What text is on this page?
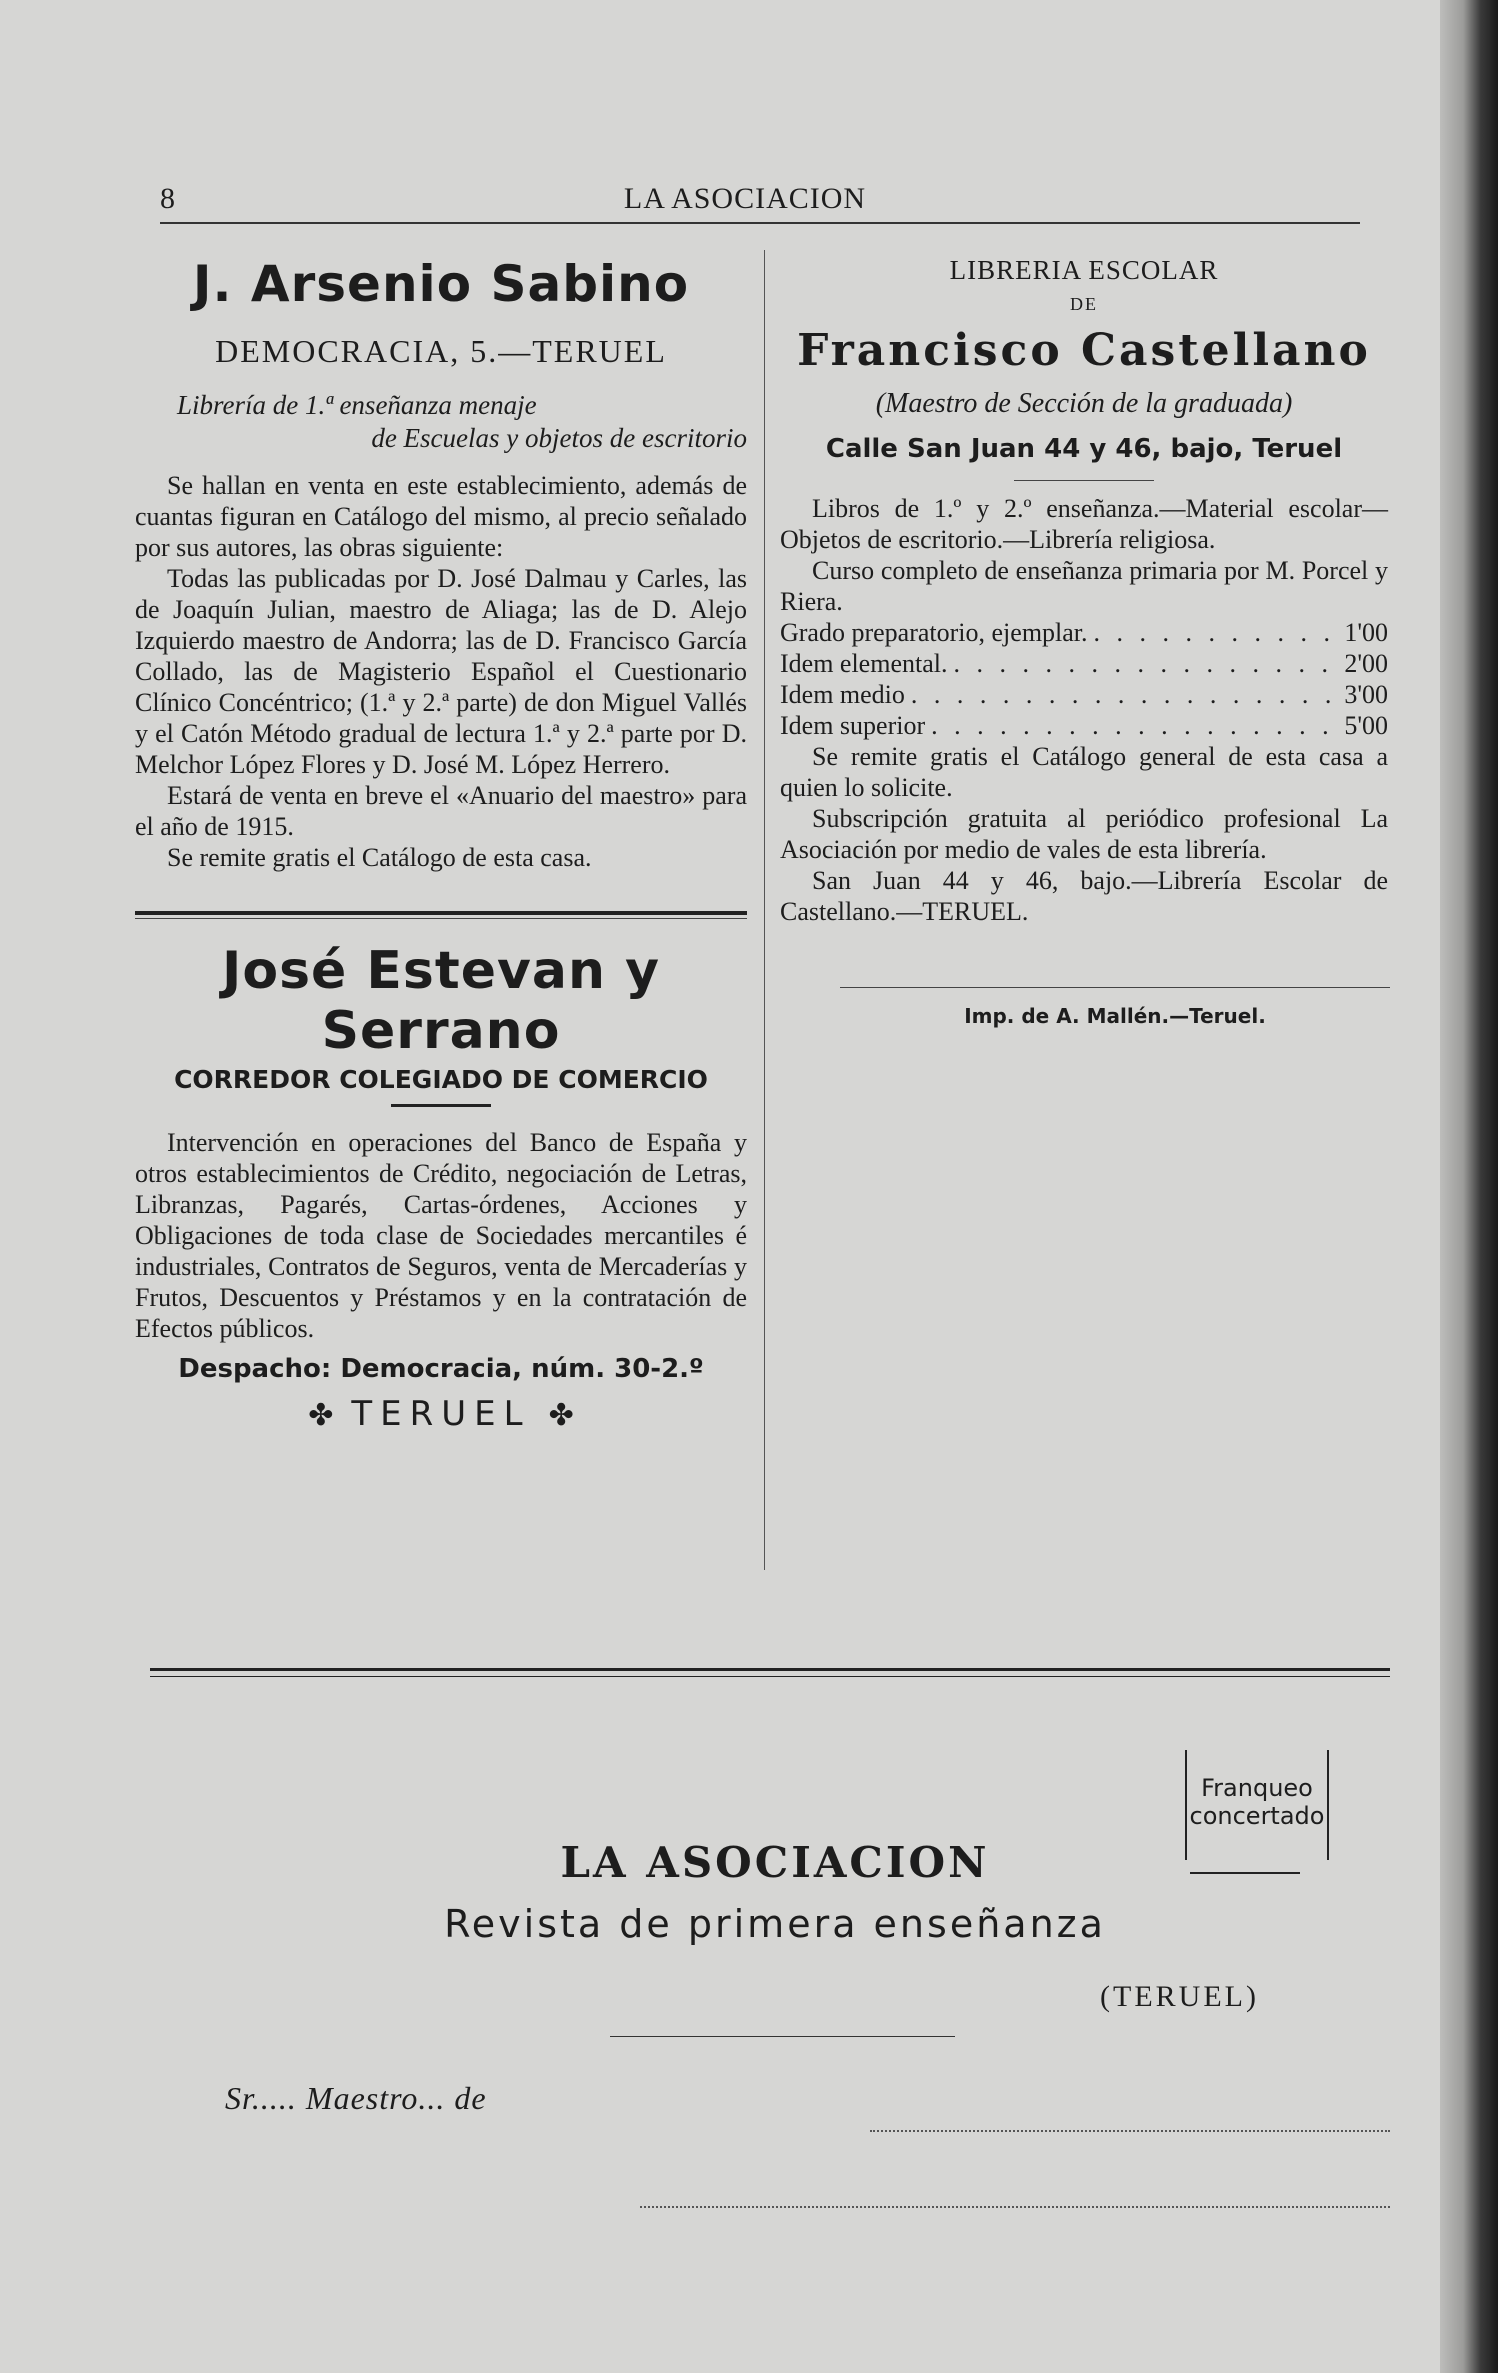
8	LA ASOCIACION
J. Arsenio Sabino
DEMOCRACIA, 5.—TERUEL
Librería de 1.ª enseñanza menaje
de Escuelas y objetos de escritorio

Se hallan en venta en este establecimiento, además de cuantas figuran en Catálogo del mismo, al precio señalado por sus autores, las obras siguiente:

Todas las publicadas por D. José Dalmau y Carles, las de Joaquín Julian, maestro de Aliaga; las de D. Alejo Izquierdo maestro de Andorra; las de D. Francisco García Collado, las de Magisterio Español el Cuestionario Clínico Concéntrico; (1.ª y 2.ª parte) de don Miguel Vallés y el Catón Método gradual de lectura 1.ª y 2.ª parte por D. Melchor López Flores y D. José M. López Herrero.

Estará de venta en breve el «Anuario del maestro» para el año de 1915.

Se remite gratis el Catálogo de esta casa.

José Estevan y Serrano
CORREDOR COLEGIADO DE COMERCIO

Intervención en operaciones del Banco de España y otros establecimientos de Crédito, negociación de Letras, Libranzas, Pagarés, Cartas-órdenes, Acciones y Obligaciones de toda clase de Sociedades mercantiles é industriales, Contratos de Seguros, venta de Mercaderías y Frutos, Descuentos y Préstamos y en la contratación de Efectos públicos.

Despacho: Democracia, núm. 30-2.º
✤ TERUEL ✤
LIBRERIA ESCOLAR
DE
Francisco Castellano
(Maestro de Sección de la graduada)
Calle San Juan 44 y 46, bajo, Teruel

Libros de 1.º y 2.º enseñanza.—Material escolar—Objetos de escritorio.—Librería religiosa.

Curso completo de enseñanza primaria por M. Porcel y Riera.

Grado preparatorio, ejemplar. . . .	1'00
Idem elemental. . . .	2'00
Idem medio . . .	3'00
Idem superior . . .	5'00

Se remite gratis el Catálogo general de esta casa a quien lo solicite.

Subscripción gratuita al periódico profesional La Asociación por medio de vales de esta librería.

San Juan 44 y 46, bajo.—Librería Escolar de Castellano.—TERUEL.

Imp. de A. Mallén.—Teruel.
Franqueo
concertado
LA ASOCIACION
Revista de primera enseñanza
(TERUEL)
Sr..... Maestro... de
